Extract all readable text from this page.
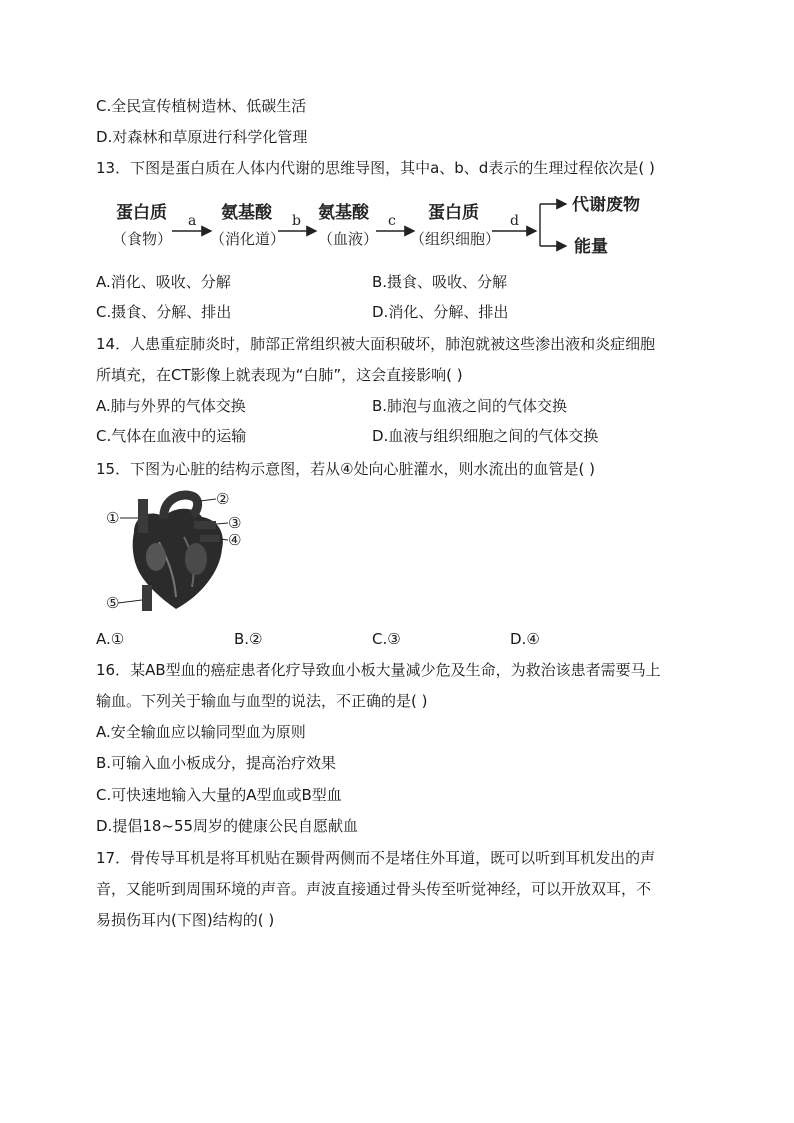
C.全民宣传植树造林、低碳生活
D.对森林和草原进行科学化管理
13．下图是蛋白质在人体内代谢的思维导图，其中a、b、d表示的生理过程依次是( )
蛋白质
（食物）
a 氨基酸
（消化道）
b 氨基酸
（血液）
c 蛋白质
（组织细胞）
d
代谢废物
能量
A.消化、吸收、分解	B.摄食、吸收、分解
C.摄食、分解、排出	D.消化、分解、排出
14．人患重症肺炎时，肺部正常组织被大面积破坏，肺泡就被这些渗出液和炎症细胞
所填充，在CT影像上就表现为“白肺”，这会直接影响( )
A.肺与外界的气体交换	B.肺泡与血液之间的气体交换
C.气体在血液中的运输	D.血液与组织细胞之间的气体交换
15．下图为心脏的结构示意图，若从④处向心脏灌水，则水流出的血管是( )
①
②
③
④
⑤
A.①	B.②	C.③	D.④
16．某AB型血的癌症患者化疗导致血小板大量减少危及生命，为救治该患者需要马上
输血。下列关于输血与血型的说法，不正确的是( )
A.安全输血应以输同型血为原则
B.可输入血小板成分，提高治疗效果
C.可快速地输入大量的A型血或B型血
D.提倡18~55周岁的健康公民自愿献血
17．骨传导耳机是将耳机贴在颞骨两侧而不是堵住外耳道，既可以听到耳机发出的声
音，又能听到周围环境的声音。声波直接通过骨头传至听觉神经，可以开放双耳，不
易损伤耳内(下图)结构的( )
